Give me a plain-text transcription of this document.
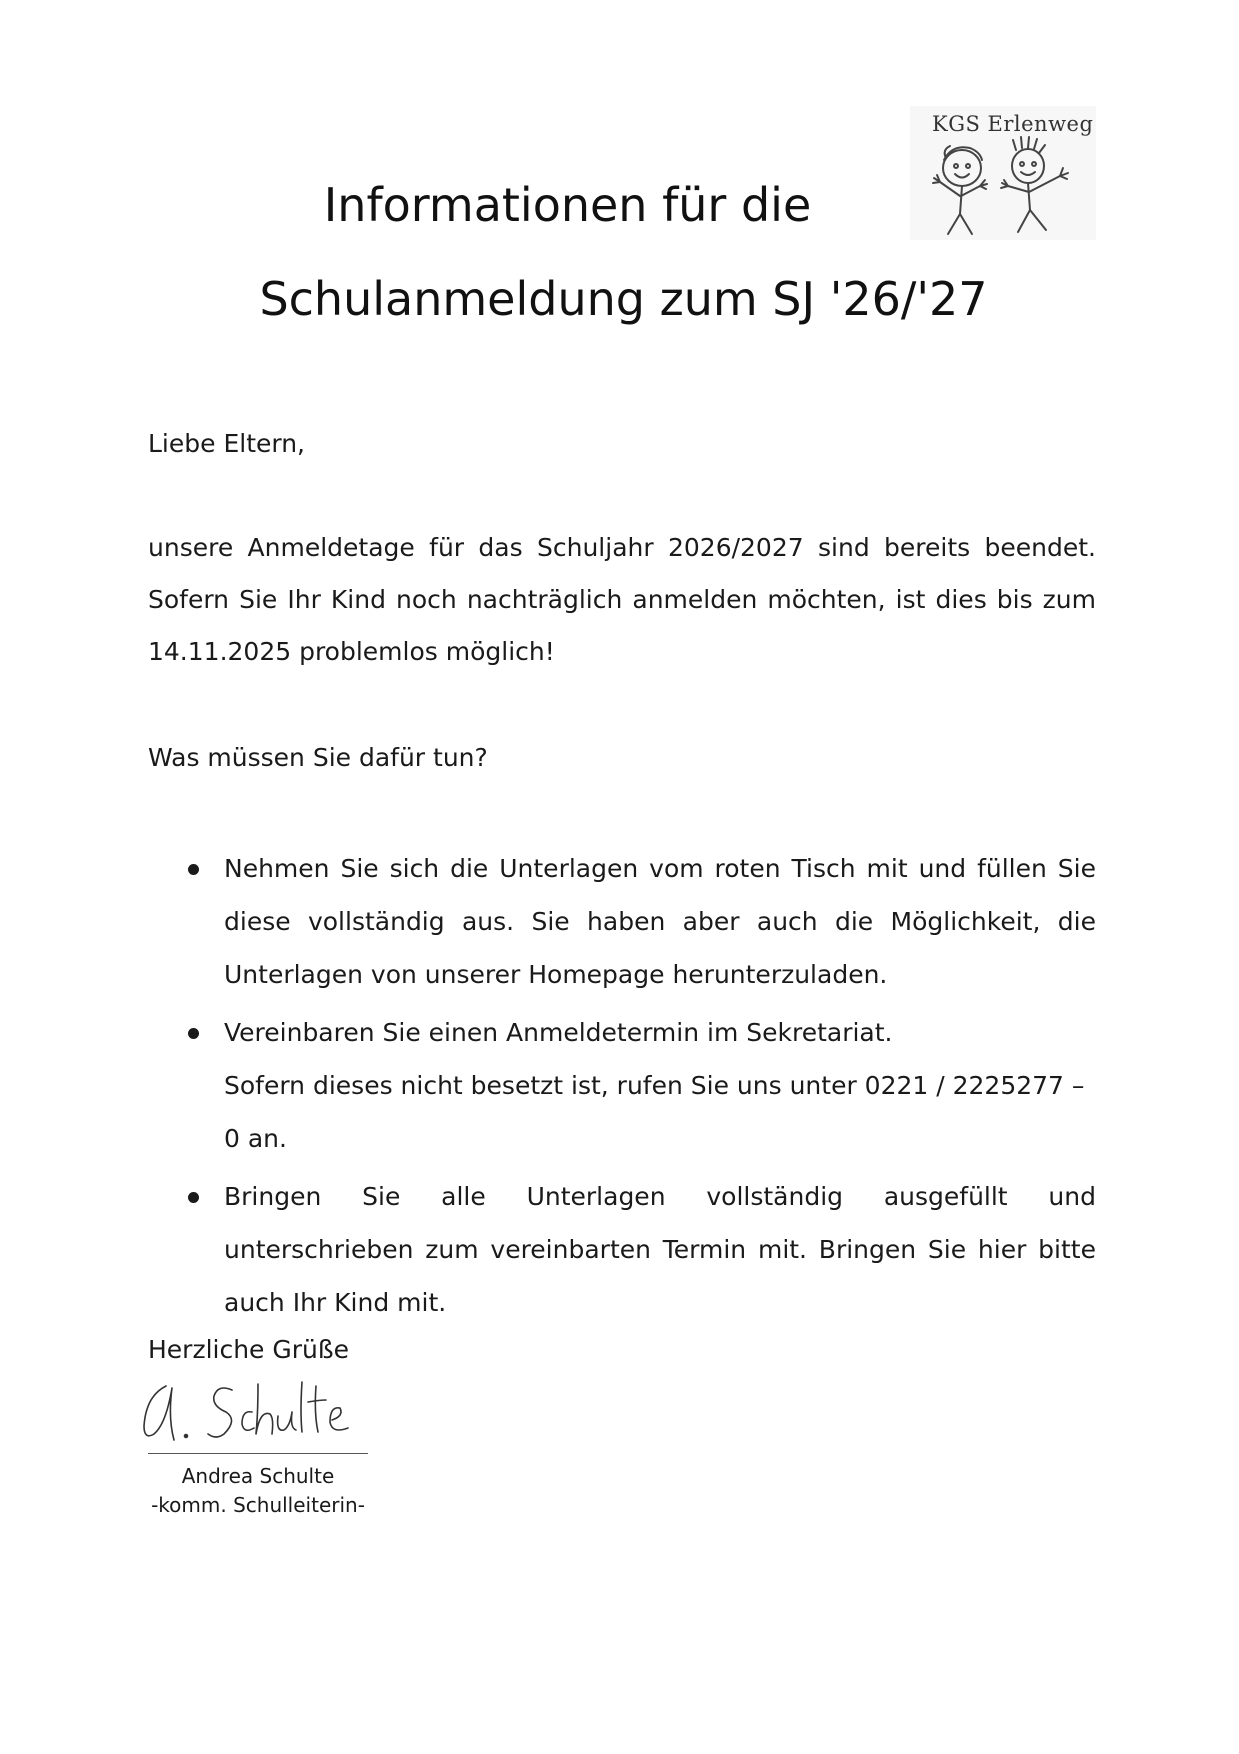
KGS Erlenweg
Informationen für die
Schulanmeldung zum SJ '26/'27
Liebe Eltern,
unsere Anmeldetage für das Schuljahr 2026/2027 sind bereits beendet. Sofern Sie Ihr Kind noch nachträglich anmelden möchten, ist dies bis zum 14.11.2025 problemlos möglich!
Was müssen Sie dafür tun?
Nehmen Sie sich die Unterlagen vom roten Tisch mit und füllen Sie diese vollständig aus. Sie haben aber auch die Möglichkeit, die Unterlagen von unserer Homepage herunterzuladen.
Vereinbaren Sie einen Anmeldetermin im Sekretariat.
Sofern dieses nicht besetzt ist, rufen Sie uns unter 0221 / 2225277 – 0 an.
Bringen Sie alle Unterlagen vollständig ausgefüllt und unterschrieben zum vereinbarten Termin mit. Bringen Sie hier bitte auch Ihr Kind mit.
Herzliche Grüße
Andrea Schulte
-komm. Schulleiterin-
